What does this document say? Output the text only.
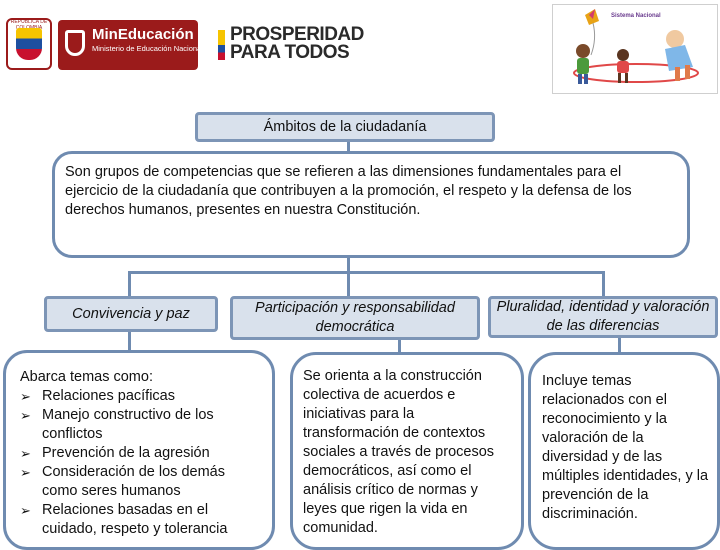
REPÚBLICA DE
MinEducación
Ministerio de Educación Nacional
PROSPERIDAD
PARA TODOS
Sistema Nacional
Ámbitos de la ciudadanía
Son grupos de competencias que se refieren a las dimensiones fundamentales para el ejercicio de la ciudadanía que contribuyen a la promoción, el respeto y la defensa de los derechos humanos, presentes en nuestra Constitución.
Convivencia y paz	Participación y responsabilidad democrática
Pluralidad, identidad y valoración de las diferencias
Abarca temas como:
➢ Relaciones pacíficas
➢ Manejo constructivo de los conflictos
➢ Prevención de la agresión
➢ Consideración de los demás como seres humanos
➢ Relaciones basadas en el cuidado, respeto y tolerancia
Se orienta a la construcción colectiva de acuerdos e iniciativas para la transformación de contextos sociales a través de procesos democráticos, así como el análisis crítico de normas y leyes que rigen la vida en comunidad.
Incluye temas relacionados con el reconocimiento y la valoración de la diversidad y de las múltiples identidades, y la prevención de la discriminación.
